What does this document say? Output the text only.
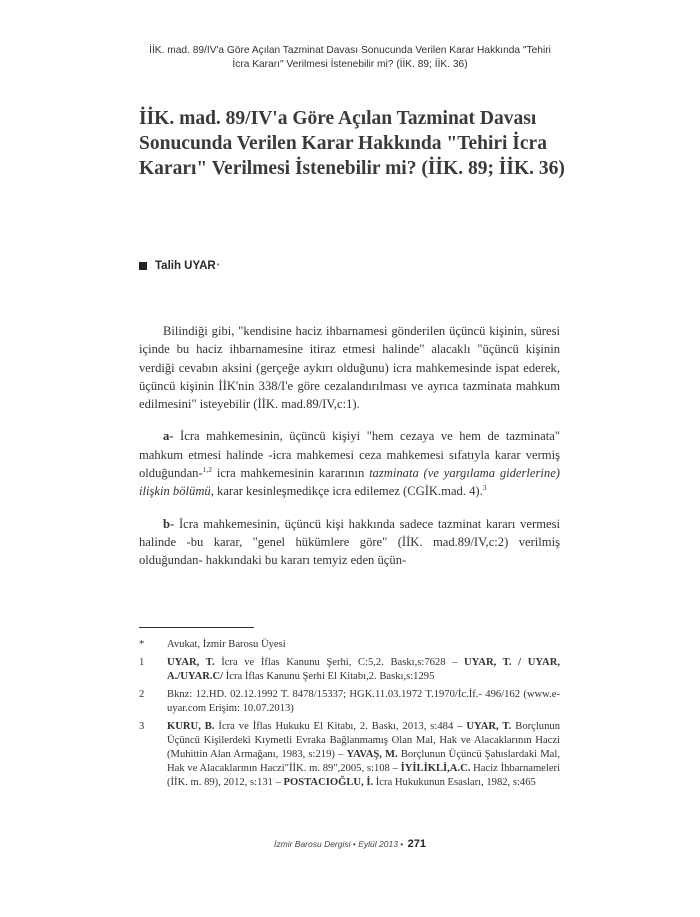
İİK. mad. 89/IV'a Göre Açılan Tazminat Davası Sonucunda Verilen Karar Hakkında "Tehiri
İcra Kararı" Verilmesi İstenebilir mi? (İİK. 89; İİK. 36)
İİK. mad. 89/IV'a Göre Açılan Tazminat Davası
Sonucunda Verilen Karar Hakkında "Tehiri İcra
Kararı" Verilmesi İstenebilir mi? (İİK. 89; İİK. 36)
Talih UYAR *

Bilindiği gibi, "kendisine haciz ihbarnamesi gönderilen üçüncü kişinin, süresi içinde bu haciz ihbarnamesine itiraz etmesi halinde" alacaklı "üçüncü kişinin verdiği cevabın aksini (gerçeğe aykırı olduğunu) icra mahkemesinde ispat ederek, üçüncü kişinin İİK'nin 338/I'e göre cezalandırılması ve ayrıca tazminata mahkum edilmesini" isteyebilir (İİK. mad.89/IV,c:1).

a- İcra mahkemesinin, üçüncü kişiyi "hem cezaya ve hem de tazminata" mahkum etmesi halinde -icra mahkemesi ceza mahkemesi sıfatıyla karar vermiş olduğundan-$^{1,2}$ icra mahkemesinin kararının tazminata (ve yargılama giderlerine) ilişkin bölümü, karar kesinleşmedikçe icra edilemez (CGİK.mad. 4).$^3$

b- İcra mahkemesinin, üçüncü kişi hakkında sadece tazminat kararı vermesi halinde -bu karar, "genel hükümlere göre" (İİK. mad.89/IV,c:2) verilmiş olduğundan- hakkındaki bu kararı temyiz eden üçün-

*	Avukat, İzmir Barosu Üyesi
1	UYAR, T. İcra ve İflas Kanunu Şerhi, C:5,2. Baskı,s:7628 – UYAR, T. / UYAR, A./UYAR.C/ İcra İflas Kanunu Şerhi El Kitabı,2. Baskı,s:1295
2	Bknz: 12.HD. 02.12.1992 T. 8478/15337; HGK.11.03.1972 T.1970/İc.İf.- 496/162 (www.e-uyar.com Erişim: 10.07.2013)
3	KURU, B. İcra ve İflas Hukuku El Kitabı, 2. Baskı, 2013, s:484 – UYAR, T. Borçlunun Üçüncü Kişilerdeki Kıymetli Evraka Bağlanmamış Olan Mal, Hak ve Alacaklarının Haczi (Muhittin Alan Armağanı, 1983, s:219) – YAVAŞ, M. Borçlunun Üçüncü Şahıslardaki Mal, Hak ve Alacaklarının Haczi"İİK. m. 89",2005, s:108 – İYİLİKLİ,A.C. Haciz İhbarnameleri (İİK. m. 89), 2012, s:131 – POSTACIOĞLU, İ. İcra Hukukunun Esasları, 1982, s:465
İzmir Barosu Dergisi • Eylül 2013 • 271
